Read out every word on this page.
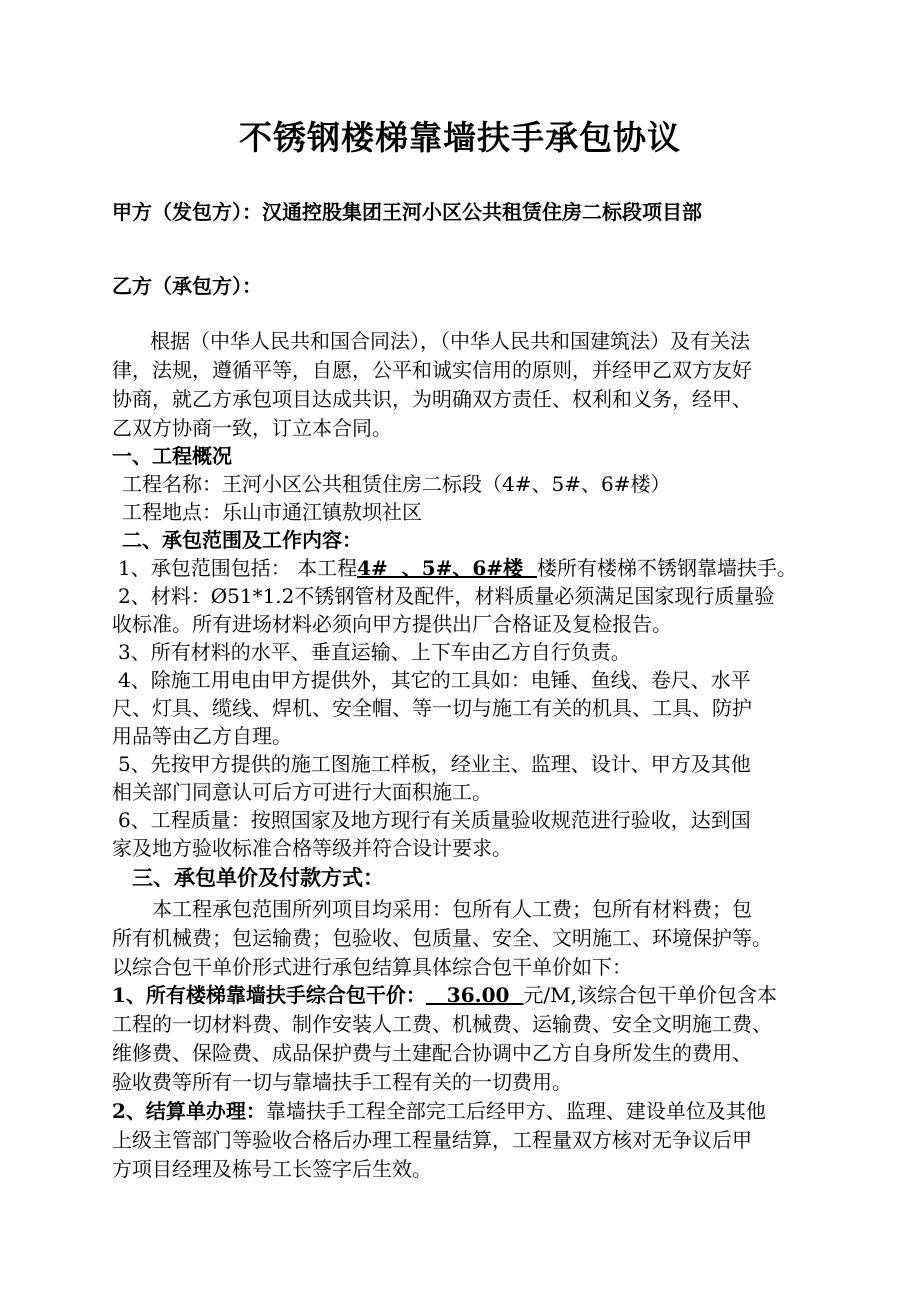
不锈钢楼梯靠墙扶手承包协议
甲方（发包方）：汉通控股集团王河小区公共租赁住房二标段项目部
乙方（承包方）：
根据（中华人民共和国合同法），（中华人民共和国建筑法）及有关法
律，法规，遵循平等，自愿，公平和诚实信用的原则，并经甲乙双方友好
协商，就乙方承包项目达成共识，为明确双方责任、权利和义务，经甲、
乙双方协商一致，订立本合同。
一、工程概况
工程名称：王河小区公共租赁住房二标段（4#、5#、6#楼）
工程地点：乐山市通江镇敖坝社区
二、承包范围及工作内容：
1、承包范围包括： 本工程4#  、5#、6#楼  楼所有楼梯不锈钢靠墙扶手。
2、材料：Ø51*1.2不锈钢管材及配件，材料质量必须满足国家现行质量验
收标准。所有进场材料必须向甲方提供出厂合格证及复检报告。
3、所有材料的水平、垂直运输、上下车由乙方自行负责。
4、除施工用电由甲方提供外，其它的工具如：电锤、鱼线、卷尺、水平
尺、灯具、缆线、焊机、安全帽、等一切与施工有关的机具、工具、防护
用品等由乙方自理。
5、先按甲方提供的施工图施工样板，经业主、监理、设计、甲方及其他
相关部门同意认可后方可进行大面积施工。
6、工程质量：按照国家及地方现行有关质量验收规范进行验收，达到国
家及地方验收标准合格等级并符合设计要求。
三、承包单价及付款方式：
本工程承包范围所列项目均采用：包所有人工费；包所有材料费；包
所有机械费；包运输费；包验收、包质量、安全、文明施工、环境保护等。
以综合包干单价形式进行承包结算具体综合包干单价如下：
1、所有楼梯靠墙扶手综合包干价：   36.00  元/M,该综合包干单价包含本
工程的一切材料费、制作安装人工费、机械费、运输费、安全文明施工费、
维修费、保险费、成品保护费与土建配合协调中乙方自身所发生的费用、
验收费等所有一切与靠墙扶手工程有关的一切费用。
2、结算单办理：靠墙扶手工程全部完工后经甲方、监理、建设单位及其他
上级主管部门等验收合格后办理工程量结算，工程量双方核对无争议后甲
方项目经理及栋号工长签字后生效。
